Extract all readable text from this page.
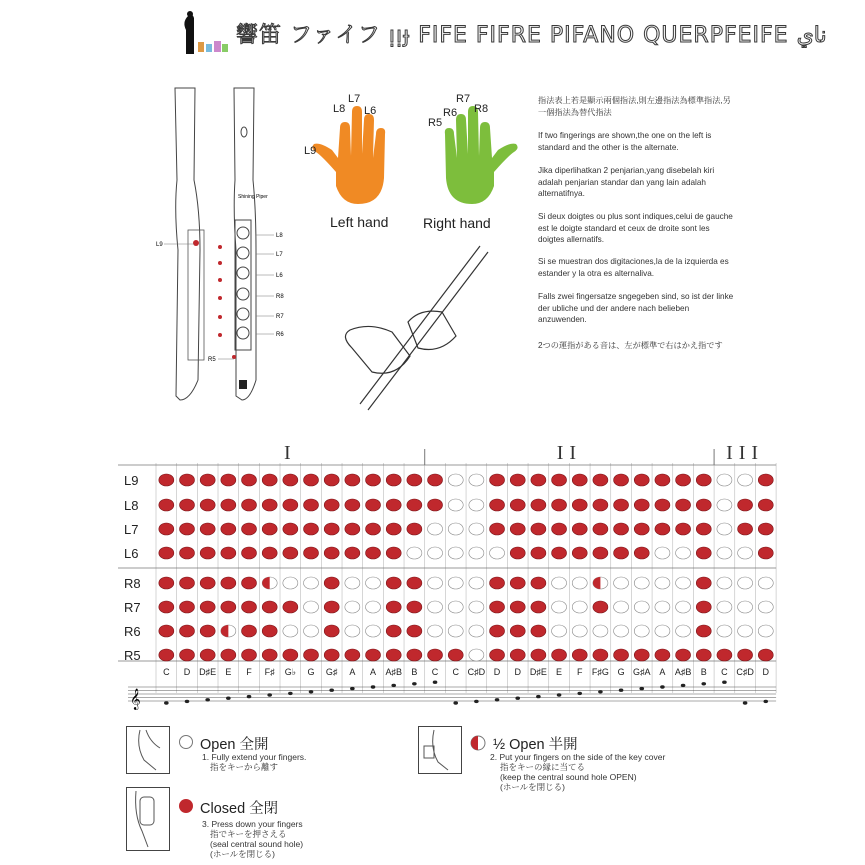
響笛 ファイフ ᴉᴉɟ FIFE FIFRE PIFANO QUERPFEIFE ناي
Shining Piper
L9
L8
L7
L6
R8
R7
R6
R5
L9
L8
L7
L6
R5
R6
R7
R8
Left hand Right hand
指法表上若是顯示兩個指法,則左邊指法為標準指法,另一個指法為替代指法
If two fingerings are shown,the one on the left is standard and the other is the alternate.
Jika diperlihatkan 2 penjarian,yang disebelah kiri adalah penjarian standar dan yang lain adalah alternatifnya.
Si deux doigtes ou plus sont indiques,celui de gauche est le doigte standard et ceux de droite sont les doigtes allernatifs.
Si se muestran dos digitaciones,la de la izquierda es estander y la otra es alternaliva.
Falls zwei fingersatze sngegeben sind, so ist der linke der ubliche und der andere nach belieben anzuwenden.
2つの運指がある音は、左が標準で右はかえ指です
L9
L8
L7
L6
R8
R7
R6
R5
I	II	III
C D D♯E E F F♯ G♭ G G♯ A A A♯B B C C C♯D D D D♯E E F F♯G G G♯A A A♯B B C C♯D D
𝄞
Open 全開
1. Fully extend your fingers.
指をキーから離す
½ Open 半開
2. Put your fingers on the side of the key cover
指をキーの縁に当てる
(keep the central sound hole OPEN)
(ホールを閉じる)
Closed 全閉
3. Press down your fingers
指でキーを押さえる
(seal central sound hole)
(ホールを閉じる)
